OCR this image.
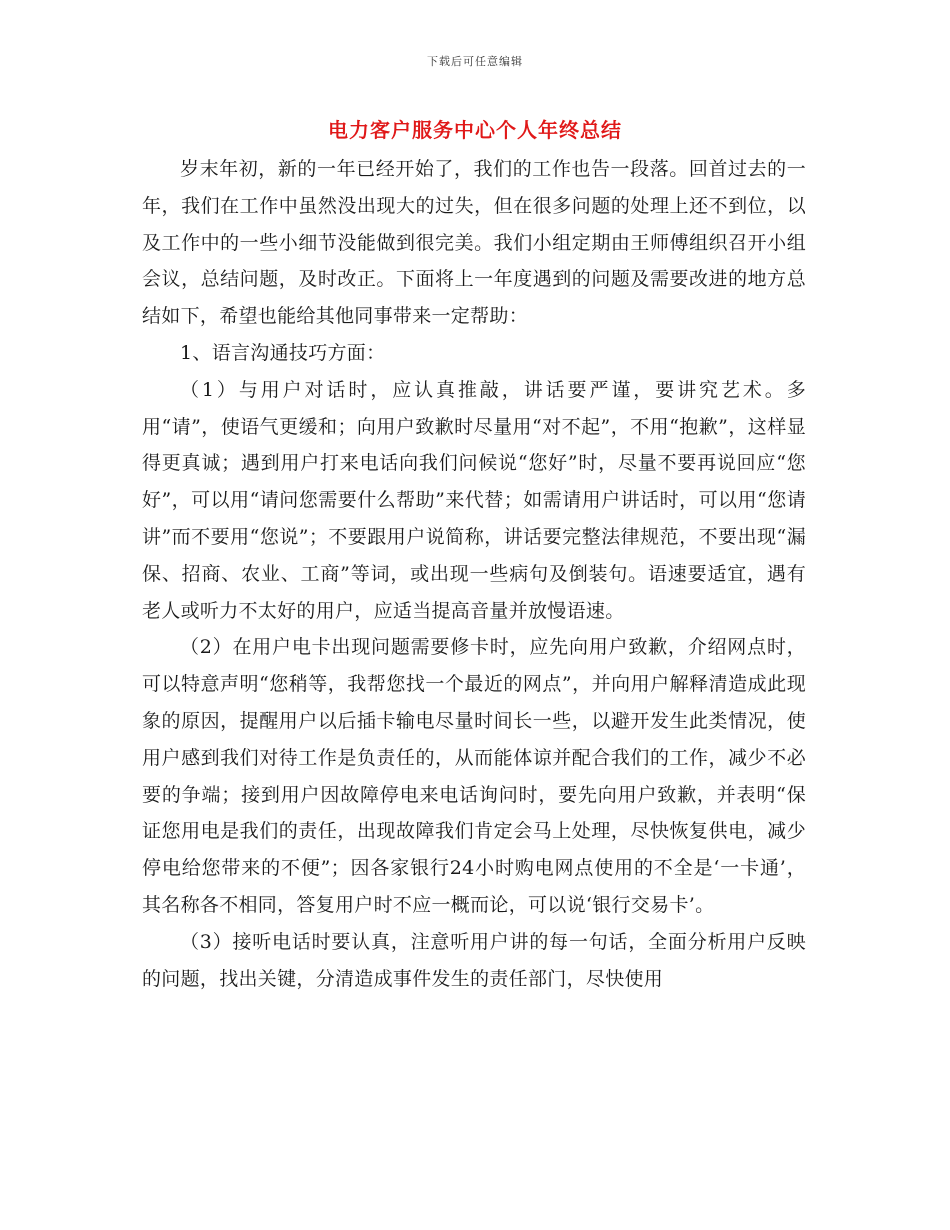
下载后可任意编辑
电力客户服务中心个人年终总结

岁末年初，新的一年已经开始了，我们的工作也告一段落。回首过去的一年，我们在工作中虽然没出现大的过失，但在很多问题的处理上还不到位，以及工作中的一些小细节没能做到很完美。我们小组定期由王师傅组织召开小组会议，总结问题，及时改正。下面将上一年度遇到的问题及需要改进的地方总结如下，希望也能给其他同事带来一定帮助：

1、语言沟通技巧方面：

（1）与用户对话时，应认真推敲，讲话要严谨，要讲究艺术。多用“请”，使语气更缓和；向用户致歉时尽量用“对不起”，不用“抱歉”，这样显得更真诚；遇到用户打来电话向我们问候说“您好”时，尽量不要再说回应“您好”，可以用“请问您需要什么帮助”来代替；如需请用户讲话时，可以用“您请讲”而不要用“您说”；不要跟用户说简称，讲话要完整法律规范，不要出现“漏保、招商、农业、工商”等词，或出现一些病句及倒装句。语速要适宜，遇有老人或听力不太好的用户，应适当提高音量并放慢语速。

（2）在用户电卡出现问题需要修卡时，应先向用户致歉，介绍网点时，可以特意声明“您稍等，我帮您找一个最近的网点”，并向用户解释清造成此现象的原因，提醒用户以后插卡输电尽量时间长一些，以避开发生此类情况，使用户感到我们对待工作是负责任的，从而能体谅并配合我们的工作，减少不必要的争端；接到用户因故障停电来电话询问时，要先向用户致歉，并表明“保证您用电是我们的责任，出现故障我们肯定会马上处理，尽快恢复供电，减少停电给您带来的不便”；因各家银行24小时购电网点使用的不全是‘一卡通’，其名称各不相同，答复用户时不应一概而论，可以说‘银行交易卡’。

（3）接听电话时要认真，注意听用户讲的每一句话，全面分析用户反映的问题，找出关键，分清造成事件发生的责任部门，尽快使用
